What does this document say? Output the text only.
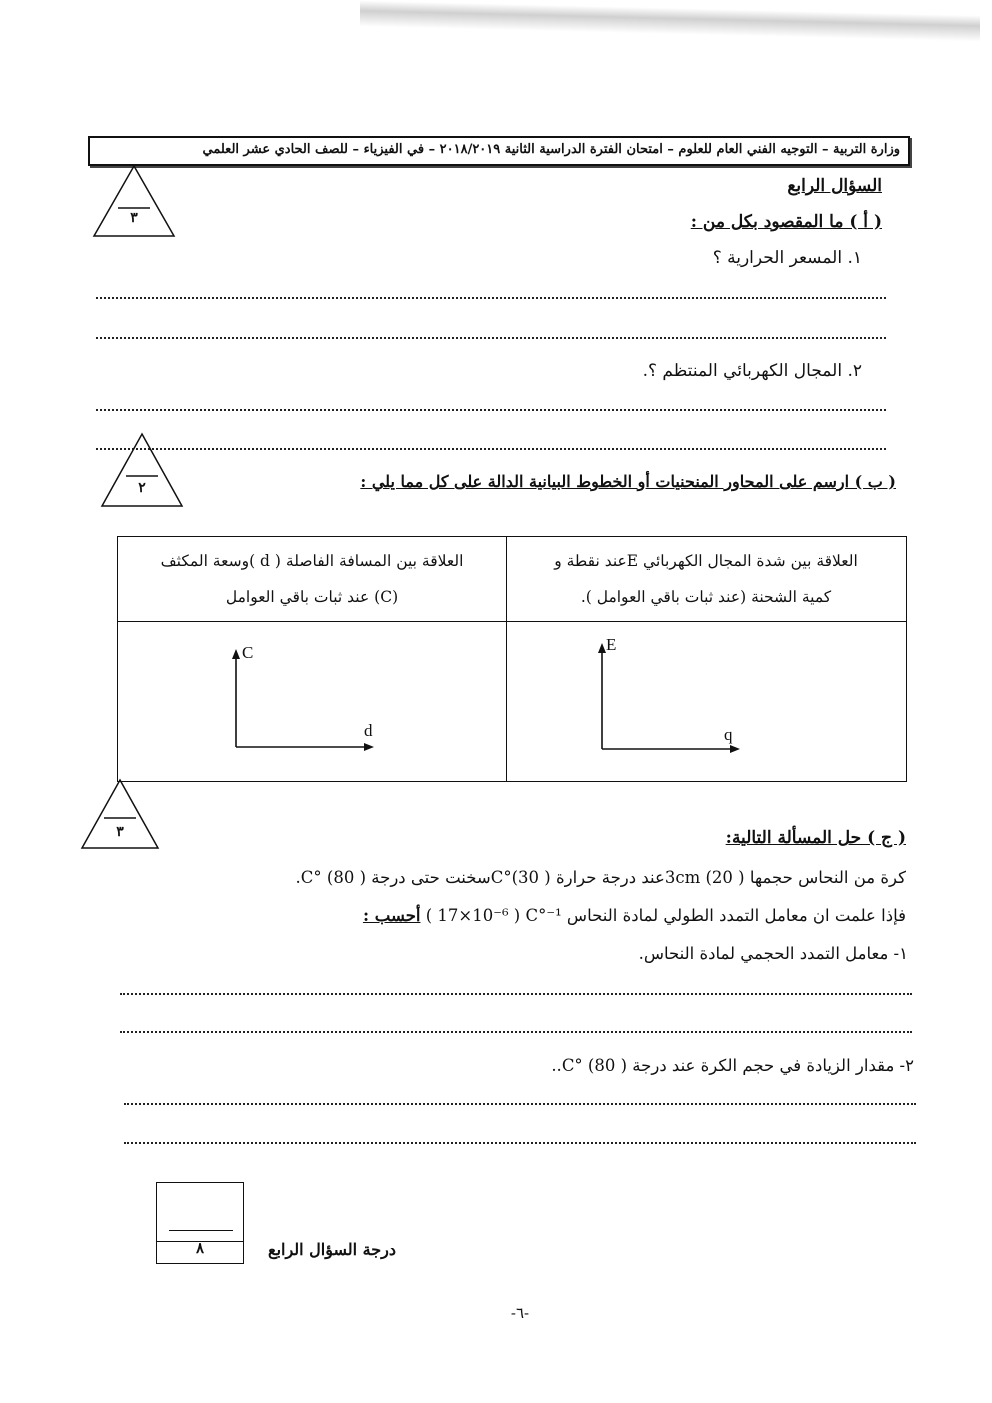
وزارة التربية – التوجيه الفني العام للعلوم – امتحان الفترة الدراسية الثانية ٢٠١٨/٢٠١٩ – في الفيزياء – للصف الحادي عشر العلمي
السؤال الرابع
٣	( أ ) ما المقصود بكل من :
١. المسعر الحرارية ؟
٢. المجال الكهربائي المنتظم ؟.
٢	( ب ) ارسم على المحاور المنحنيات أو الخطوط البيانية الدالة على كل مما يلي :
العلاقة بين شدة المجال الكهربائي Eعند نقطة و
كمية الشحنة (عند ثبات باقي العوامل ).
العلاقة بين المسافة الفاصلة ( d )وسعة المكثف
(C) عند ثبات باقي العوامل
C
d
E
q
٣	( ج ) حل المسألة التالية:
كرة من النحاس حجمها 3cm (20 )عند درجة حرارة C°(30 )سخنت حتى درجة C° (80 ).
فإذا علمت ان معامل التمدد الطولي لمادة النحاس ( 17×10⁻⁶ ) C°⁻¹ أحسب :
١- معامل التمدد الحجمي لمادة النحاس.
٢- مقدار الزيادة في حجم الكرة عند درجة C° (80 )..
٨	درجة السؤال الرابع
-٦-
